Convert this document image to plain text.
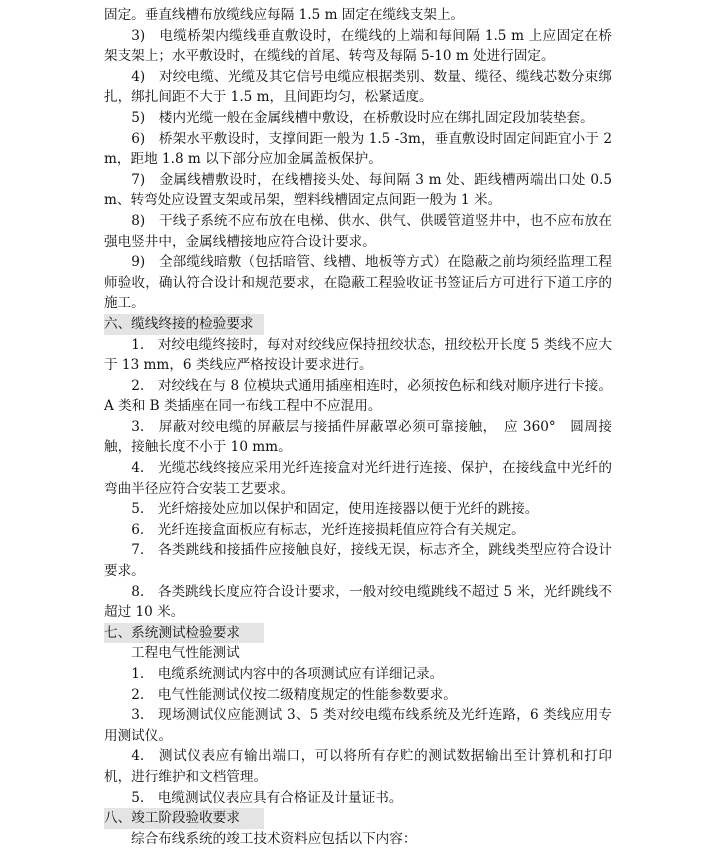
固定。垂直线槽布放缆线应每隔 1.5 m 固定在缆线支架上。
3)　电缆桥架内缆线垂直敷设时，在缆线的上端和每间隔 1.5 m 上应固定在桥架支架上；水平敷设时，在缆线的首尾、转弯及每隔 5-10 m 处进行固定。
4)　对绞电缆、光缆及其它信号电缆应根据类别、数量、缆径、缆线芯数分束绑扎，绑扎间距不大于 1.5 m，且间距均匀，松紧适度。
5)　楼内光缆一般在金属线槽中敷设，在桥敷设时应在绑扎固定段加装垫套。
6)　桥架水平敷设时，支撑间距一般为 1.5 -3m，垂直敷设时固定间距宜小于 2 m，距地 1.8 m 以下部分应加金属盖板保护。
7)　金属线槽敷设时，在线槽接头处、每间隔 3 m 处、距线槽两端出口处 0.5 m、转弯处应设置支架或吊架，塑料线槽固定点间距一般为 1 米。
8)　干线子系统不应布放在电梯、供水、供气、供暖管道竖井中，也不应布放在强电竖井中，金属线槽接地应符合设计要求。
9)　全部缆线暗敷（包括暗管、线槽、地板等方式）在隐蔽之前均须经监理工程师验收，确认符合设计和规范要求，在隐蔽工程验收证书签证后方可进行下道工序的施工。
六、缆线终接的检验要求
1.　对绞电缆终接时，每对对绞线应保持扭绞状态，扭绞松开长度 5 类线不应大于 13 mm，6 类线应严格按设计要求进行。
2.　对绞线在与 8 位模块式通用插座相连时，必须按色标和线对顺序进行卡接。A 类和 B 类插座在同一布线工程中不应混用。
3.　屏蔽对绞电缆的屏蔽层与接插件屏蔽罩必须可靠接触，　应 360°　圆周接触，接触长度不小于 10 mm。
4.　光缆芯线终接应采用光纤连接盒对光纤进行连接、保护，在接线盒中光纤的弯曲半径应符合安装工艺要求。
5.　光纤熔接处应加以保护和固定，使用连接器以便于光纤的跳接。
6.　光纤连接盒面板应有标志，光纤连接损耗值应符合有关规定。
7.　各类跳线和接插件应接触良好，接线无误，标志齐全，跳线类型应符合设计要求。
8.　各类跳线长度应符合设计要求，一般对绞电缆跳线不超过 5 米，光纤跳线不超过 10 米。
七、系统测试检验要求
工程电气性能测试
1.　电缆系统测试内容中的各项测试应有详细记录。
2.　电气性能测试仪按二级精度规定的性能参数要求。
3.　现场测试仪应能测试 3、5 类对绞电缆布线系统及光纤连路，6 类线应用专用测试仪。
4.　测试仪表应有输出端口，可以将所有存贮的测试数据输出至计算机和打印机，进行维护和文档管理。
5.　电缆测试仪表应具有合格证及计量证书。
八、竣工阶段验收要求
综合布线系统的竣工技术资料应包括以下内容：
